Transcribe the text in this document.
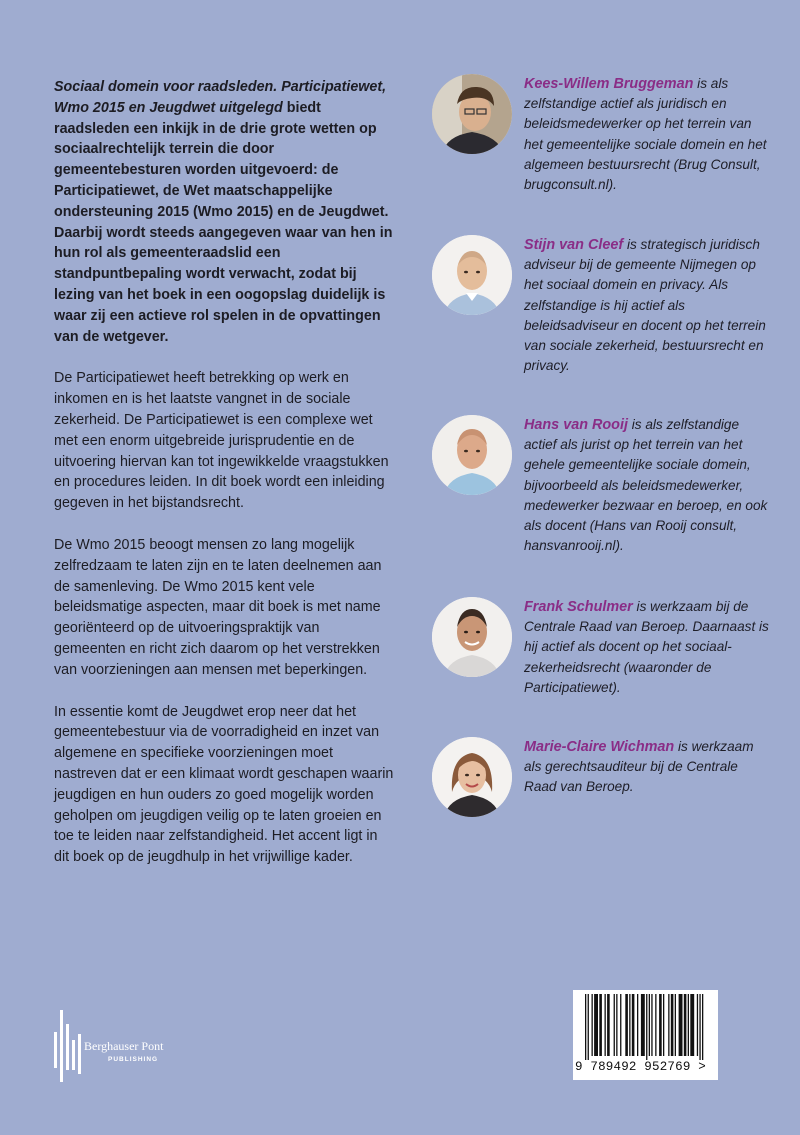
Sociaal domein voor raadsleden. Participatiewet, Wmo 2015 en Jeugdwet uitgelegd biedt raadsleden een inkijk in de drie grote wetten op sociaalrechtelijk terrein die door gemeentebesturen worden uitgevoerd: de Participatiewet, de Wet maatschappelijke ondersteuning 2015 (Wmo 2015) en de Jeugdwet. Daarbij wordt steeds aangegeven waar van hen in hun rol als gemeenteraadslid een standpuntbepaling wordt verwacht, zodat bij lezing van het boek in een oogopslag duidelijk is waar zij een actieve rol spelen in de opvattingen van de wetgever.

De Participatiewet heeft betrekking op werk en inkomen en is het laatste vangnet in de sociale zekerheid. De Participatiewet is een complexe wet met een enorm uitgebreide jurisprudentie en de uitvoering hiervan kan tot ingewikkelde vraagstukken en procedures leiden. In dit boek wordt een inleiding gegeven in het bijstandsrecht.

De Wmo 2015 beoogt mensen zo lang mogelijk zelfredzaam te laten zijn en te laten deelnemen aan de samenleving. De Wmo 2015 kent vele beleidsmatige aspecten, maar dit boek is met name georiënteerd op de uitvoeringspraktijk van gemeenten en richt zich daarom op het verstrekken van voorzieningen aan mensen met beperkingen.

In essentie komt de Jeugdwet erop neer dat het gemeentebestuur via de voorradigheid en inzet van algemene en specifieke voorzieningen moet nastreven dat er een klimaat wordt geschapen waarin jeugdigen en hun ouders zo goed mogelijk worden geholpen om jeugdigen veilig op te laten groeien en toe te leiden naar zelfstandigheid. Het accent ligt in dit boek op de jeugdhulp in het vrijwillige kader.

Kees-Willem Bruggeman is als zelfstandige actief als juridisch en beleidsmedewerker op het terrein van het gemeentelijke sociale domein en het algemeen bestuursrecht (Brug Consult, brugconsult.nl).
Stijn van Cleef is strategisch juridisch adviseur bij de gemeente Nijmegen op het sociaal domein en privacy. Als zelfstandige is hij actief als beleidsadviseur en docent op het terrein van sociale zekerheid, bestuursrecht en privacy.
Hans van Rooij is als zelfstandige actief als jurist op het terrein van het gehele gemeentelijke sociale domein, bijvoorbeeld als beleidsmedewerker, medewerker bezwaar en beroep, en ook als docent (Hans van Rooij consult, hansvanrooij.nl).
Frank Schulmer is werkzaam bij de Centrale Raad van Beroep. Daarnaast is hij actief als docent op het sociaal-zekerheidsrecht (waaronder de Participatiewet).
Marie-Claire Wichman is werkzaam als gerechtsauditeur bij de Centrale Raad van Beroep.
Berghauser Pont
PUBLISHING
9 789492 952769 >
